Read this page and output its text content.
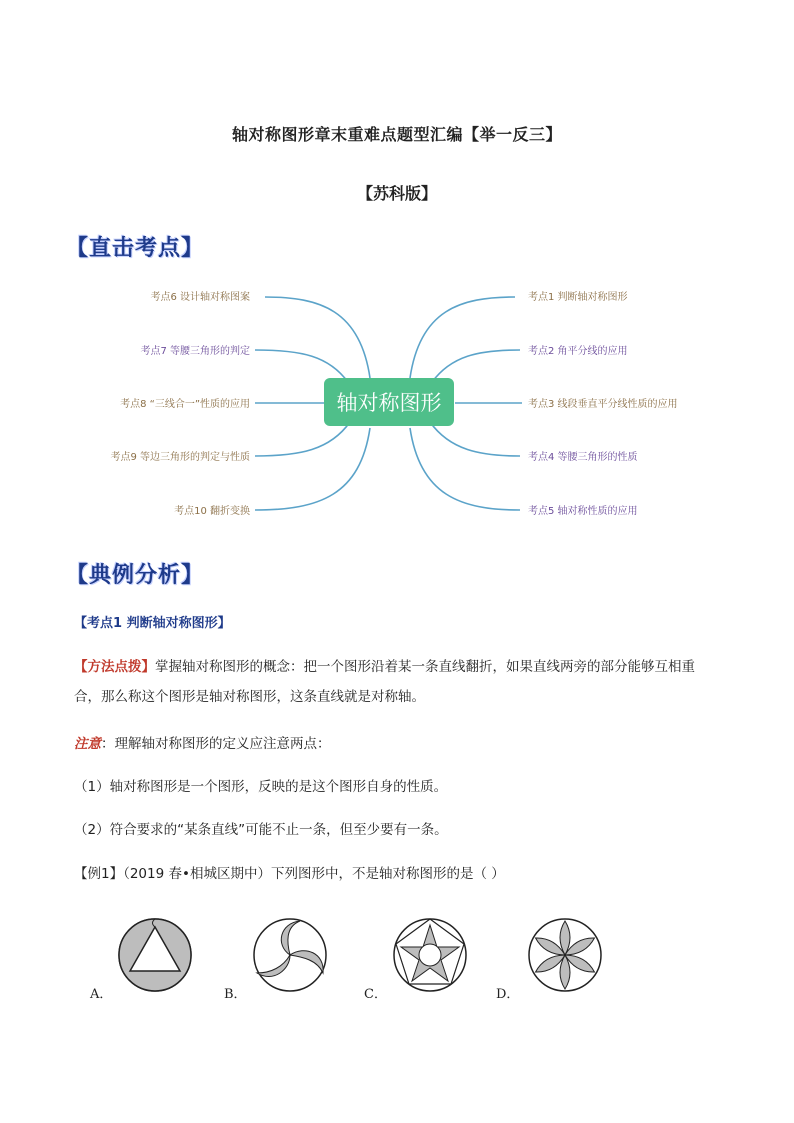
轴对称图形章末重难点题型汇编【举一反三】
【苏科版】
【直击考点】
轴对称图形
考点6 设计轴对称图案
考点7 等腰三角形的判定
考点8 “三线合一”性质的应用
考点9 等边三角形的判定与性质
考点10 翻折变换
考点1 判断轴对称图形
考点2 角平分线的应用
考点3 线段垂直平分线性质的应用
考点4 等腰三角形的性质
考点5 轴对称性质的应用
【典例分析】
【考点1 判断轴对称图形】
【方法点拨】掌握轴对称图形的概念：把一个图形沿着某一条直线翻折，如果直线两旁的部分能够互相重
合，那么称这个图形是轴对称图形，这条直线就是对称轴。
注意：理解轴对称图形的定义应注意两点：
（1）轴对称图形是一个图形，反映的是这个图形自身的性质。
（2）符合要求的“某条直线”可能不止一条，但至少要有一条。
【例1】（2019 春•相城区期中）下列图形中，不是轴对称图形的是（ ）
A．	B．	C．	D．
